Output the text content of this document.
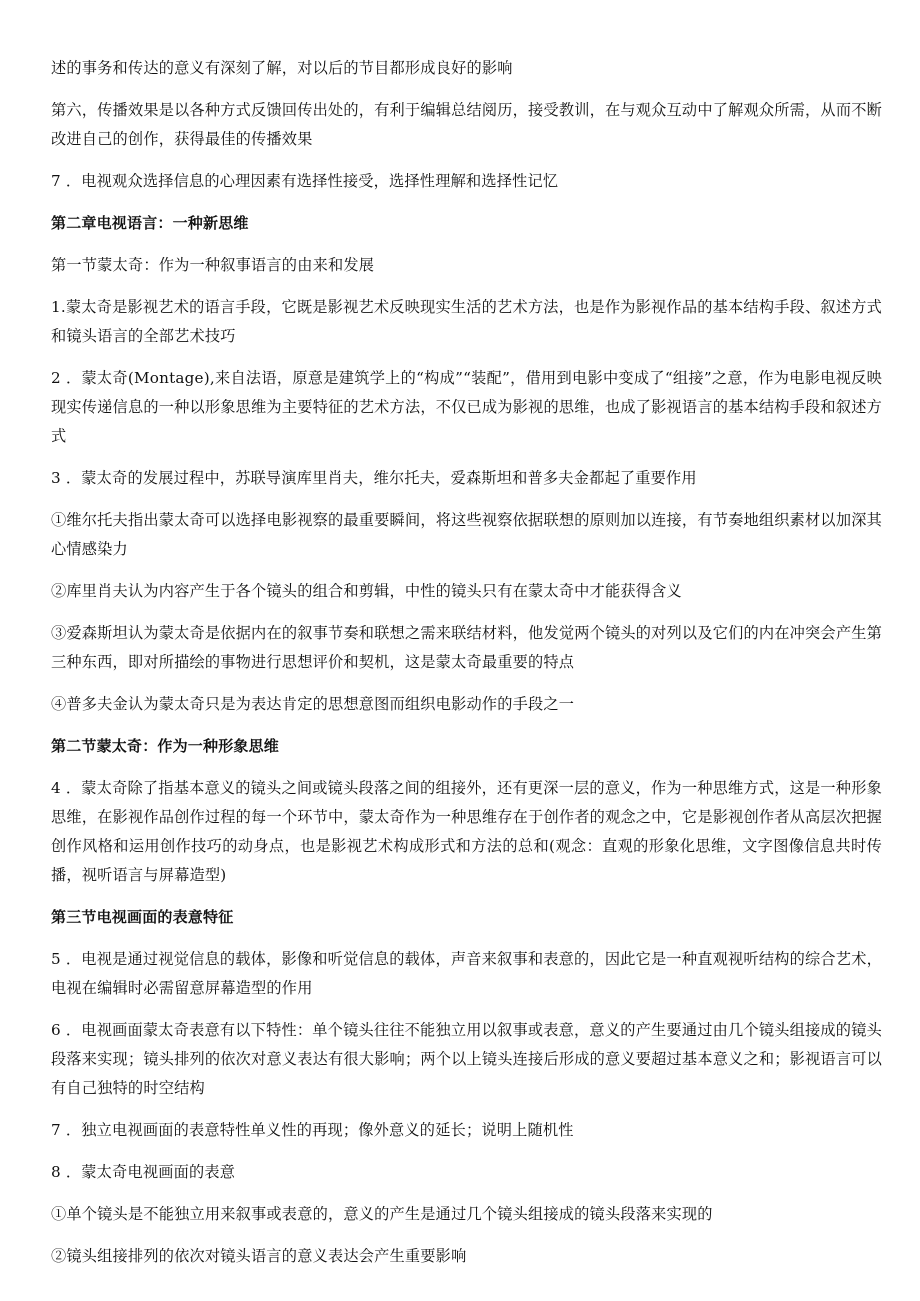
述的事务和传达的意义有深刻了解，对以后的节目都形成良好的影响

第六，传播效果是以各种方式反馈回传出处的，有利于编辑总结阅历，接受教训，在与观众互动中了解观众所需，从而不断改进自己的创作，获得最佳的传播效果

7 ．电视观众选择信息的心理因素有选择性接受，选择性理解和选择性记忆

第二章电视语言：一种新思维

第一节蒙太奇：作为一种叙事语言的由来和发展

1.蒙太奇是影视艺术的语言手段，它既是影视艺术反映现实生活的艺术方法，也是作为影视作品的基本结构手段、叙述方式和镜头语言的全部艺术技巧

2 ．蒙太奇(Montage),来自法语，原意是建筑学上的“构成”“装配”，借用到电影中变成了“组接”之意，作为电影电视反映现实传递信息的一种以形象思维为主要特征的艺术方法，不仅已成为影视的思维，也成了影视语言的基本结构手段和叙述方式

3 ．蒙太奇的发展过程中，苏联导演库里肖夫，维尔托夫，爱森斯坦和普多夫金都起了重要作用

①维尔托夫指出蒙太奇可以选择电影视察的最重要瞬间，将这些视察依据联想的原则加以连接，有节奏地组织素材以加深其心情感染力

②库里肖夫认为内容产生于各个镜头的组合和剪辑，中性的镜头只有在蒙太奇中才能获得含义

③爱森斯坦认为蒙太奇是依据内在的叙事节奏和联想之需来联结材料，他发觉两个镜头的对列以及它们的内在冲突会产生第三种东西，即对所描绘的事物进行思想评价和契机，这是蒙太奇最重要的特点

④普多夫金认为蒙太奇只是为表达肯定的思想意图而组织电影动作的手段之一

第二节蒙太奇：作为一种形象思维

4 ．蒙太奇除了指基本意义的镜头之间或镜头段落之间的组接外，还有更深一层的意义，作为一种思维方式，这是一种形象思维，在影视作品创作过程的每一个环节中，蒙太奇作为一种思维存在于创作者的观念之中，它是影视创作者从高层次把握创作风格和运用创作技巧的动身点，也是影视艺术构成形式和方法的总和(观念：直观的形象化思维，文字图像信息共时传播，视听语言与屏幕造型)

第三节电视画面的表意特征

5 ．电视是通过视觉信息的载体，影像和听觉信息的载体，声音来叙事和表意的，因此它是一种直观视听结构的综合艺术，电视在编辑时必需留意屏幕造型的作用

6 ．电视画面蒙太奇表意有以下特性：单个镜头往往不能独立用以叙事或表意，意义的产生要通过由几个镜头组接成的镜头段落来实现；镜头排列的依次对意义表达有很大影响；两个以上镜头连接后形成的意义要超过基本意义之和；影视语言可以有自己独特的时空结构

7 ．独立电视画面的表意特性单义性的再现；像外意义的延长；说明上随机性

8 ．蒙太奇电视画面的表意

①单个镜头是不能独立用来叙事或表意的，意义的产生是通过几个镜头组接成的镜头段落来实现的

②镜头组接排列的依次对镜头语言的意义表达会产生重要影响
